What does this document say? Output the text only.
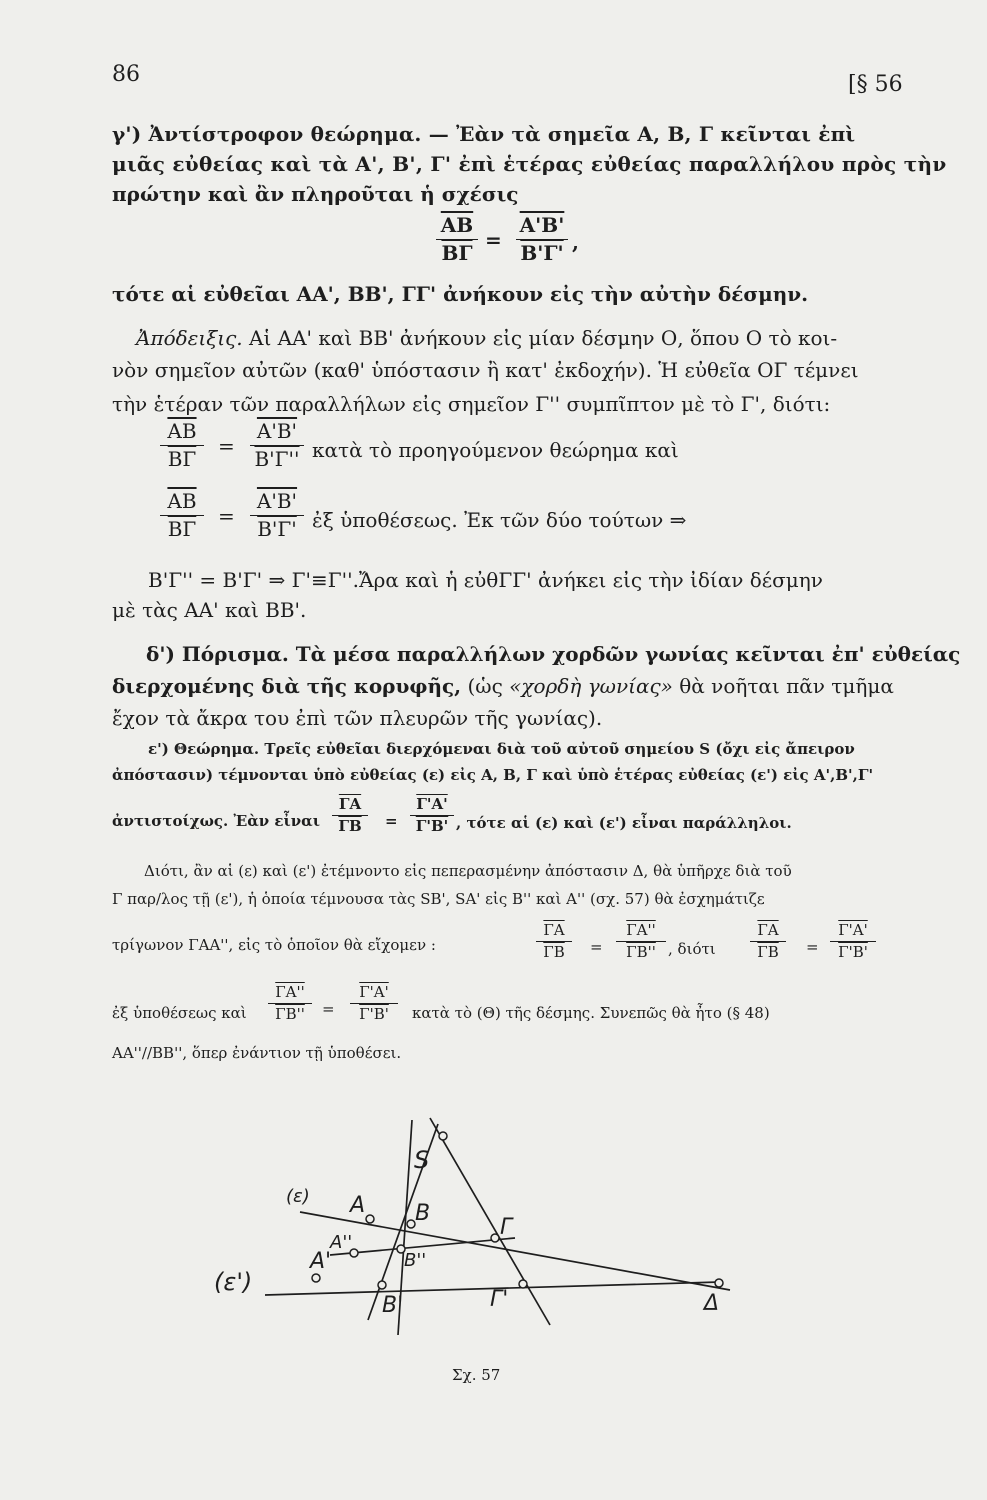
86	[§ 56
γ') Ἀντίστροφον θεώρημα. — Ἐὰν τὰ σημεῖα Α, Β, Γ κεῖνται ἐπὶ
μιᾶς εὐθείας καὶ τὰ Α', Β', Γ' ἐπὶ ἑτέρας εὐθείας παραλλήλου πρὸς τὴν
πρώτην καὶ ἂν πληροῦται ἡ σχέσις
$\frac{\overline{AB}}{B\Gamma} = \frac{A'B'}{B'\Gamma'}$ ,
τότε αἱ εὐθεῖαι ΑΑ', ΒΒ', ΓΓ' ἀνήκουν εἰς τὴν αὐτὴν δέσμην.
Ἀπόδειξις. Αἱ ΑΑ' καὶ ΒΒ' ἀνήκουν εἰς μίαν δέσμην Ο, ὅπου Ο τὸ κοι-
νὸν σημεῖον αὐτῶν (καθ' ὑπόστασιν ἢ κατ' ἐκδοχήν). Ἡ εὐθεῖα ΟΓ τέμνει
τὴν ἑτέραν τῶν παραλλήλων εἰς σημεῖον Γ'' συμπῖπτον μὲ τὸ Γ', διότι:
$\frac{\overline{AB}}{B\Gamma} = \frac{A'B'}{B'\Gamma''}$ κατὰ τὸ προηγούμενον θεώρημα καὶ
$\frac{\overline{AB}}{B\Gamma} = \frac{A'B'}{B'\Gamma'}$ ἐξ ὑποθέσεως. Ἐκ τῶν δύο τούτων ⇒
Β'Γ'' = Β'Γ' ⇒ Γ'≡Γ''.Ἄρα καὶ ἡ εὐθΓΓ' ἀνήκει εἰς τὴν ἰδίαν δέσμην
μὲ τὰς ΑΑ' καὶ ΒΒ'.
δ') Πόρισμα. Τὰ μέσα παραλλήλων χορδῶν γωνίας κεῖνται ἐπ' εὐθείας
διερχομένης διὰ τῆς κορυφῆς, (ὡς «χορδὴ γωνίας» θὰ νοῆται πᾶν τμῆμα
ἔχον τὰ ἄκρα του ἐπὶ τῶν πλευρῶν τῆς γωνίας).
ε') Θεώρημα. Τρεῖς εὐθεῖαι διερχόμεναι διὰ τοῦ αὐτοῦ σημείου S (ὄχι εἰς ἄπειρον
ἀπόστασιν) τέμνονται ὑπὸ εὐθείας (ε) εἰς Α, Β, Γ καὶ ὑπὸ ἑτέρας εὐθείας (ε') εἰς Α',Β',Γ'
ἀντιστοίχως. Ἐὰν εἶναι $\frac{\overline{\Gamma A}}{\Gamma B} = \frac{\Gamma'A'}{\Gamma'B'}$ , τότε αἱ (ε) καὶ (ε') εἶναι παράλληλοι.
Διότι, ἂν αἱ (ε) καὶ (ε') ἐτέμνοντο εἰς πεπερασμένην ἀπόστασιν Δ, θὰ ὑπῆρχε διὰ τοῦ
Γ παρ/λος τῇ (ε'), ἡ ὁποία τέμνουσα τὰς SB', SA' εἰς Β'' καὶ Α'' (σχ. 57) θὰ ἐσχημάτιζε
τρίγωνον ΓΑΑ'', εἰς τὸ ὁποῖον θὰ εἴχομεν :	$\frac{\overline{\Gamma A}}{\Gamma B} = \frac{\Gamma A''}{\Gamma B''}$ , διότι $\frac{\overline{\Gamma A}}{\Gamma B} = \frac{\Gamma'A'}{\Gamma'B'}$
ἐξ ὑποθέσεως καὶ $\frac{\Gamma A''}{\Gamma B''} = \frac{\Gamma'A'}{\Gamma'B'}$ κατὰ τὸ (Θ) τῆς δέσμης. Συνεπῶς θὰ ἦτο (§ 48)
ΑΑ''//ΒΒ'', ὅπερ ἐνάντιον τῇ ὑποθέσει.
S
(ε) A B
Γ
A''
B''
A'
(ε')
B'	Γ'	Δ
Σχ. 57
